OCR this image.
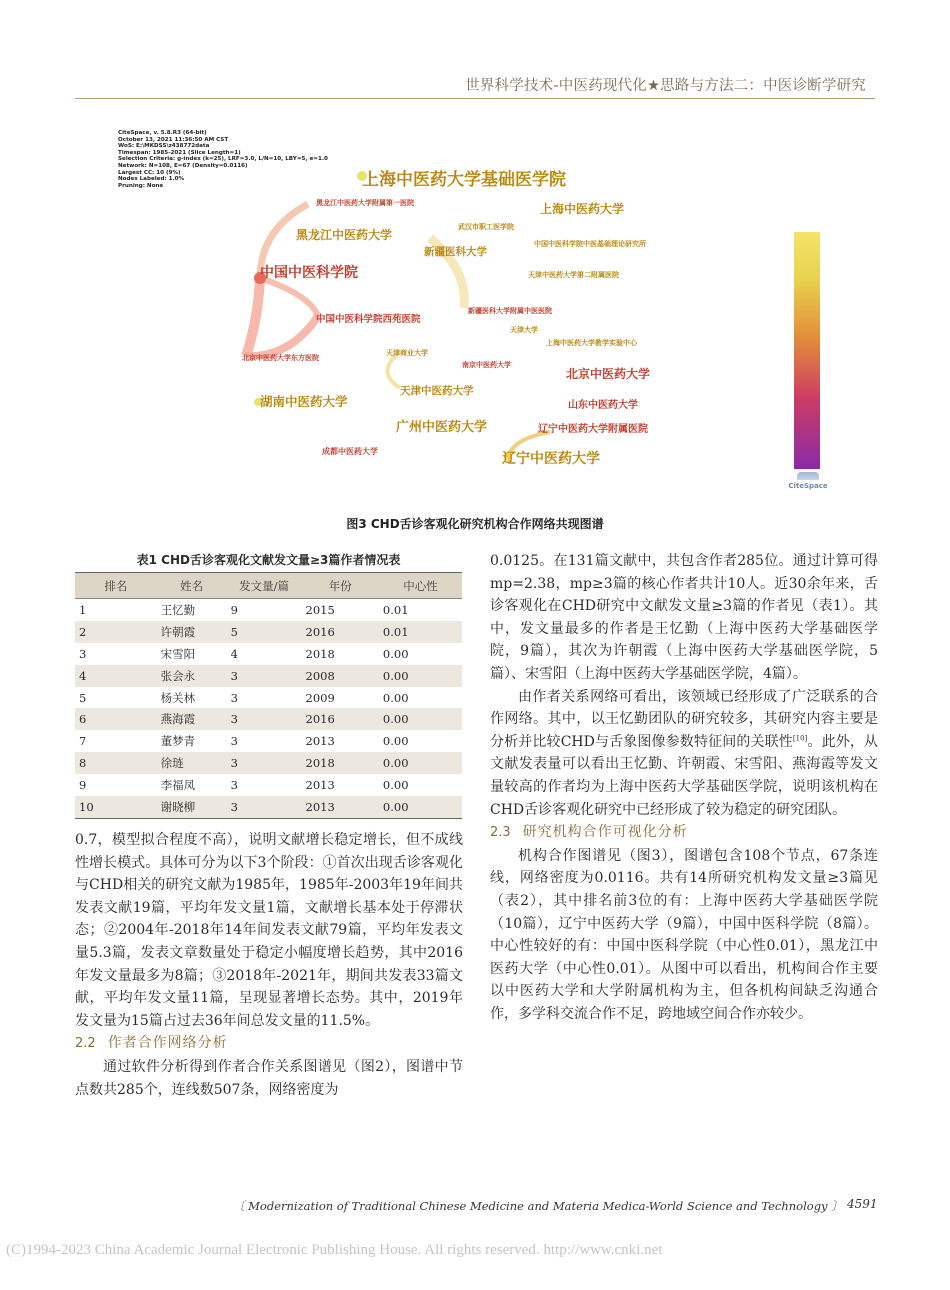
世界科学技术-中医药现代化★思路与方法二：中医诊断学研究
CiteSpace, v. 5.8.R3 (64-bit)
October 13, 2021 11:36:50 AM CST
WoS: E:\MKDSS\z438772data
Timespan: 1985-2021 (Slice Length=1)
Selection Criteria: g-index (k=25), LRF=3.0, L/N=10, LBY=5, e=1.0
Network: N=108, E=67 (Density=0.0116)
Largest CC: 10 (9%)
Nodes Labeled: 1.0%
Pruning: None	上海中医药大学基础医学院
黑龙江中医药大学附属第一医院	上海中医药大学
武汉市职工医学院
黑龙江中医药大学
新疆医科大学
中国中医科学院中医基础理论研究所
中国中医科学院	天津中医药大学第二附属医院
新疆医科大学附属中医医院
中国中医科学院西苑医院
天津大学
上海中医药大学教学实验中心
北京中医药大学东方医院
天津商业大学
南京中医药大学
北京中医药大学
天津中医药大学
湖南中医药大学	山东中医药大学
广州中医药大学	辽宁中医药大学附属医院
成都中医药大学	辽宁中医药大学
CiteSpace
图3 CHD舌诊客观化研究机构合作网络共现图谱
表1 CHD舌诊客观化文献发文量≥3篇作者情况表
排名	姓名	发文量/篇	年份	中心性
1	王忆勤	9	2015	0.01
2	许朝霞	5	2016	0.01
3	宋雪阳	4	2018	0.00
4	张会永	3	2008	0.00
5	杨关林	3	2009	0.00
6	燕海霞	3	2016	0.00
7	董梦青	3	2013	0.00
8	徐琏	3	2018	0.00
9	李福凤	3	2013	0.00
10	谢晓柳	3	2013	0.00

0.7，模型拟合程度不高），说明文献增长稳定增长，但不成线性增长模式。具体可分为以下3个阶段：①首次出现舌诊客观化与CHD相关的研究文献为1985年，1985年-2003年19年间共发表文献19篇，平均年发文量1篇，文献增长基本处于停滞状态；②2004年-2018年14年间发表文献79篇，平均年发表文量5.3篇，发表文章数量处于稳定小幅度增长趋势，其中2016年发文量最多为8篇；③2018年-2021年，期间共发表33篇文献，平均年发文量11篇，呈现显著增长态势。其中，2019年发文量为15篇占过去36年间总发文量的11.5%。

2.2 作者合作网络分析

通过软件分析得到作者合作关系图谱见（图2），图谱中节点数共285个，连线数507条，网络密度为

0.0125。在131篇文献中，共包含作者285位。通过计算可得mp=2.38，mp≥3篇的核心作者共计10人。近30余年来，舌诊客观化在CHD研究中文献发文量≥3篇的作者见（表1）。其中，发文量最多的作者是王忆勤（上海中医药大学基础医学院，9篇），其次为许朝霞（上海中医药大学基础医学院，5篇）、宋雪阳（上海中医药大学基础医学院，4篇）。

由作者关系网络可看出，该领域已经形成了广泛联系的合作网络。其中，以王忆勤团队的研究较多，其研究内容主要是分析并比较CHD与舌象图像参数特征间的关联性[10]。此外，从文献发表量可以看出王忆勤、许朝霞、宋雪阳、燕海霞等发文量较高的作者均为上海中医药大学基础医学院，说明该机构在CHD舌诊客观化研究中已经形成了较为稳定的研究团队。

2.3 研究机构合作可视化分析

机构合作图谱见（图3），图谱包含108个节点，67条连线，网络密度为0.0116。共有14所研究机构发文量≥3篇见（表2），其中排名前3位的有：上海中医药大学基础医学院（10篇），辽宁中医药大学（9篇），中国中医科学院（8篇）。中心性较好的有：中国中医科学院（中心性0.01），黑龙江中医药大学（中心性0.01）。从图中可以看出，机构间合作主要以中医药大学和大学附属机构为主，但各机构间缺乏沟通合作，多学科交流合作不足，跨地域空间合作亦较少。

〔 Modernization of Traditional Chinese Medicine and Materia Medica-World Science and Technology 〕 4591
(C)1994-2023 China Academic Journal Electronic Publishing House. All rights reserved. http://www.cnki.net
